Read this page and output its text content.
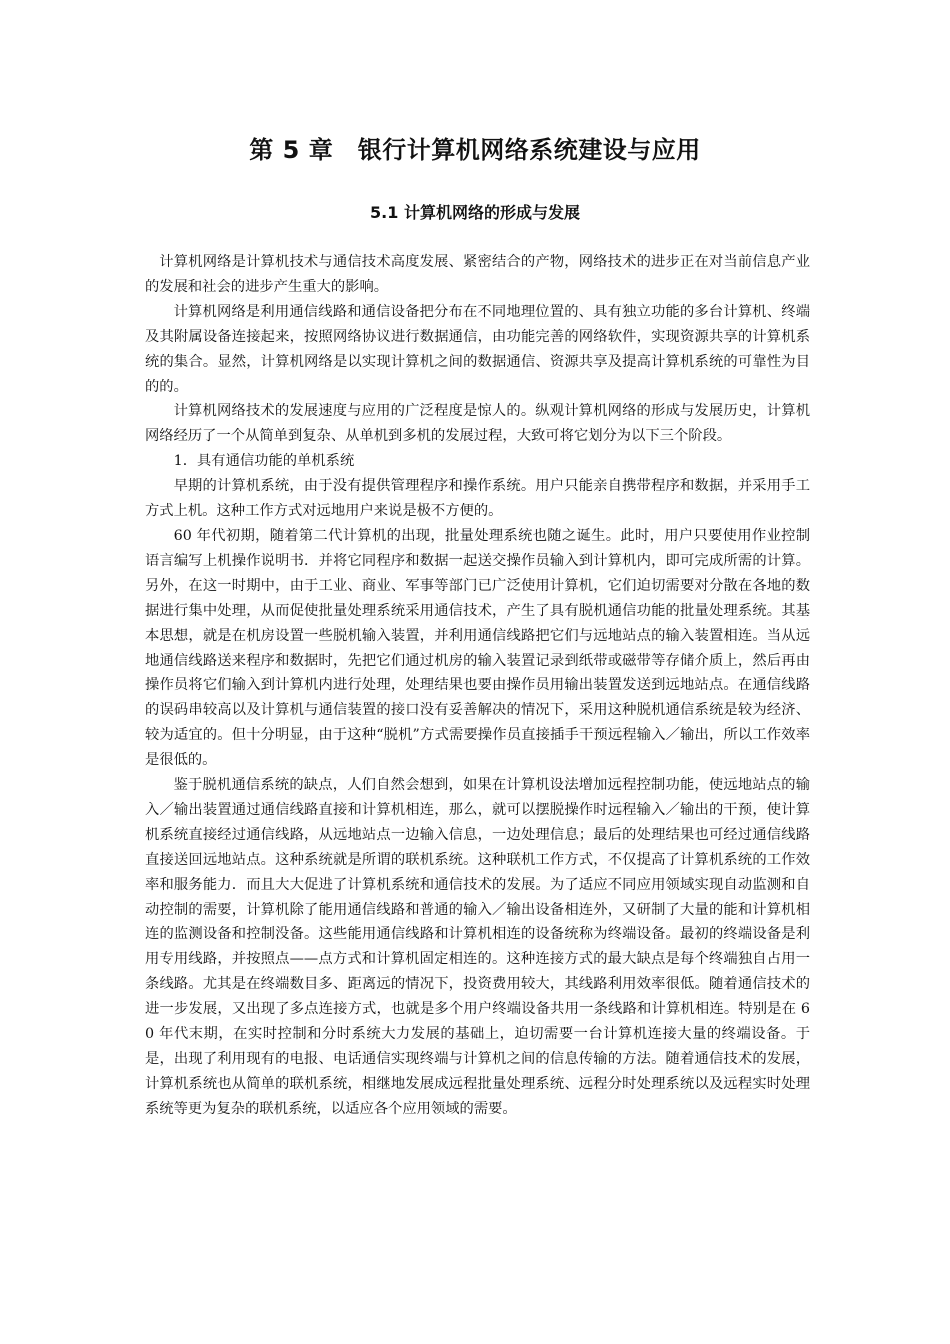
第 5 章　银行计算机网络系统建设与应用
5.1 计算机网络的形成与发展

计算机网络是计算机技术与通信技术高度发展、紧密结合的产物，网络技术的进步正在对当前信息产业的发展和社会的进步产生重大的影响。

计算机网络是利用通信线路和通信设备把分布在不同地理位置的、具有独立功能的多台计算机、终端及其附属设备连接起来，按照网络协议进行数据通信，由功能完善的网络软件，实现资源共享的计算机系统的集合。显然，计算机网络是以实现计算机之间的数据通信、资源共享及提高计算机系统的可靠性为目的的。

计算机网络技术的发展速度与应用的广泛程度是惊人的。纵观计算机网络的形成与发展历史，计算机网络经历了一个从简单到复杂、从单机到多机的发展过程，大致可将它划分为以下三个阶段。

1．具有通信功能的单机系统

早期的计算机系统，由于没有提供管理程序和操作系统。用户只能亲自携带程序和数据，并采用手工方式上机。这种工作方式对远地用户来说是极不方便的。

60 年代初期，随着第二代计算机的出现，批量处理系统也随之诞生。此时，用户只要使用作业控制语言编写上机操作说明书．并将它同程序和数据一起送交操作员输入到计算机内，即可完成所需的计算。另外，在这一时期中，由于工业、商业、军事等部门已广泛使用计算机，它们迫切需要对分散在各地的数据进行集中处理，从而促使批量处理系统采用通信技术，产生了具有脱机通信功能的批量处理系统。其基本思想，就是在机房设置一些脱机输入装置，并利用通信线路把它们与远地站点的输入装置相连。当从远地通信线路送来程序和数据时，先把它们通过机房的输入装置记录到纸带或磁带等存储介质上，然后再由操作员将它们输入到计算机内进行处理，处理结果也要由操作员用输出装置发送到远地站点。在通信线路的误码串较高以及计算机与通信装置的接口没有妥善解决的情况下，采用这种脱机通信系统是较为经济、较为适宜的。但十分明显，由于这种“脱机”方式需要操作员直接插手干预远程输入／输出，所以工作效率是很低的。

鉴于脱机通信系统的缺点，人们自然会想到，如果在计算机设法增加远程控制功能，使远地站点的输入／输出装置通过通信线路直接和计算机相连，那么，就可以摆脱操作时远程输入／输出的干预，使计算机系统直接经过通信线路，从远地站点一边输入信息，一边处理信息；最后的处理结果也可经过通信线路直接送回远地站点。这种系统就是所谓的联机系统。这种联机工作方式，不仅提高了计算机系统的工作效率和服务能力．而且大大促进了计算机系统和通信技术的发展。为了适应不同应用领域实现自动监测和自动控制的需要，计算机除了能用通信线路和普通的输入／输出设备相连外，又研制了大量的能和计算机相连的监测设备和控制没备。这些能用通信线路和计算机相连的设备统称为终端设备。最初的终端设备是利用专用线路，并按照点——点方式和计算机固定相连的。这种连接方式的最大缺点是每个终端独自占用一条线路。尤其是在终端数目多、距离远的情况下，投资费用较大，其线路利用效率很低。随着通信技术的进一步发展，又出现了多点连接方式，也就是多个用户终端设备共用一条线路和计算机相连。特别是在 60 年代末期，在实时控制和分时系统大力发展的基础上，迫切需要一台计算机连接大量的终端设备。于是，出现了利用现有的电报、电话通信实现终端与计算机之间的信息传输的方法。随着通信技术的发展，计算机系统也从简单的联机系统，相继地发展成远程批量处理系统、远程分时处理系统以及远程实时处理系统等更为复杂的联机系统，以适应各个应用领域的需要。
